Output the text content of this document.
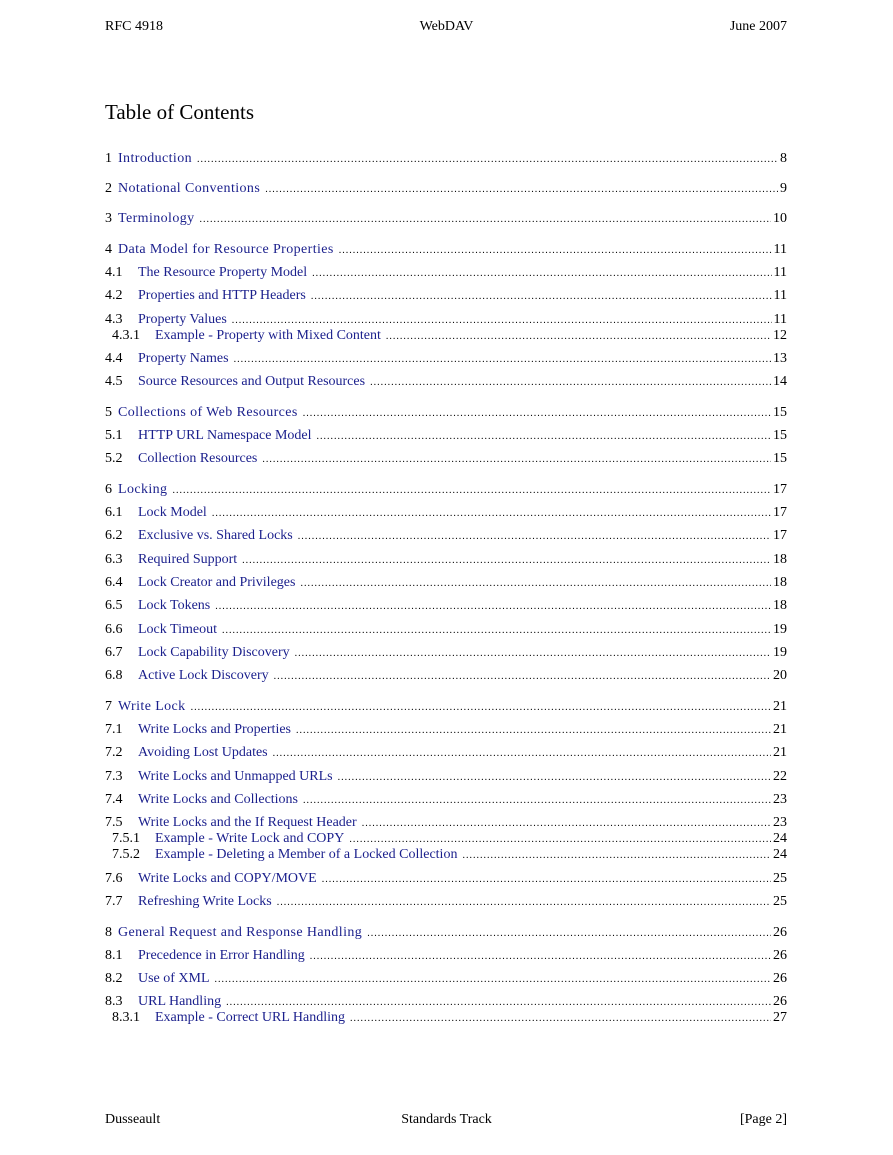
RFC 4918	WebDAV	June 2007
Table of Contents
1 Introduction .....	8
2 Notational Conventions .....	9
3 Terminology .....	10
4 Data Model for Resource Properties .....	11
4.1	The Resource Property Model .....	11
4.2	Properties and HTTP Headers .....	11
4.3	Property Values .....	11
4.3.1	Example - Property with Mixed Content .....	12
4.4	Property Names .....	13
4.5	Source Resources and Output Resources .....	14
5 Collections of Web Resources .....	15
5.1	HTTP URL Namespace Model .....	15
5.2	Collection Resources .....	15
6 Locking .....	17
6.1	Lock Model .....	17
6.2	Exclusive vs. Shared Locks .....	17
6.3	Required Support .....	18
6.4	Lock Creator and Privileges .....	18
6.5	Lock Tokens .....	18
6.6	Lock Timeout .....	19
6.7	Lock Capability Discovery .....	19
6.8	Active Lock Discovery .....	20
7 Write Lock .....	21
7.1	Write Locks and Properties .....	21
7.2	Avoiding Lost Updates .....	21
7.3	Write Locks and Unmapped URLs .....	22
7.4	Write Locks and Collections .....	23
7.5	Write Locks and the If Request Header .....	23
7.5.1	Example - Write Lock and COPY .....	24
7.5.2	Example - Deleting a Member of a Locked Collection .....	24
7.6	Write Locks and COPY/MOVE .....	25
7.7	Refreshing Write Locks .....	25
8 General Request and Response Handling .....	26
8.1	Precedence in Error Handling .....	26
8.2	Use of XML .....	26
8.3	URL Handling .....	26
8.3.1	Example - Correct URL Handling .....	27
Dusseault	Standards Track	[Page 2]
